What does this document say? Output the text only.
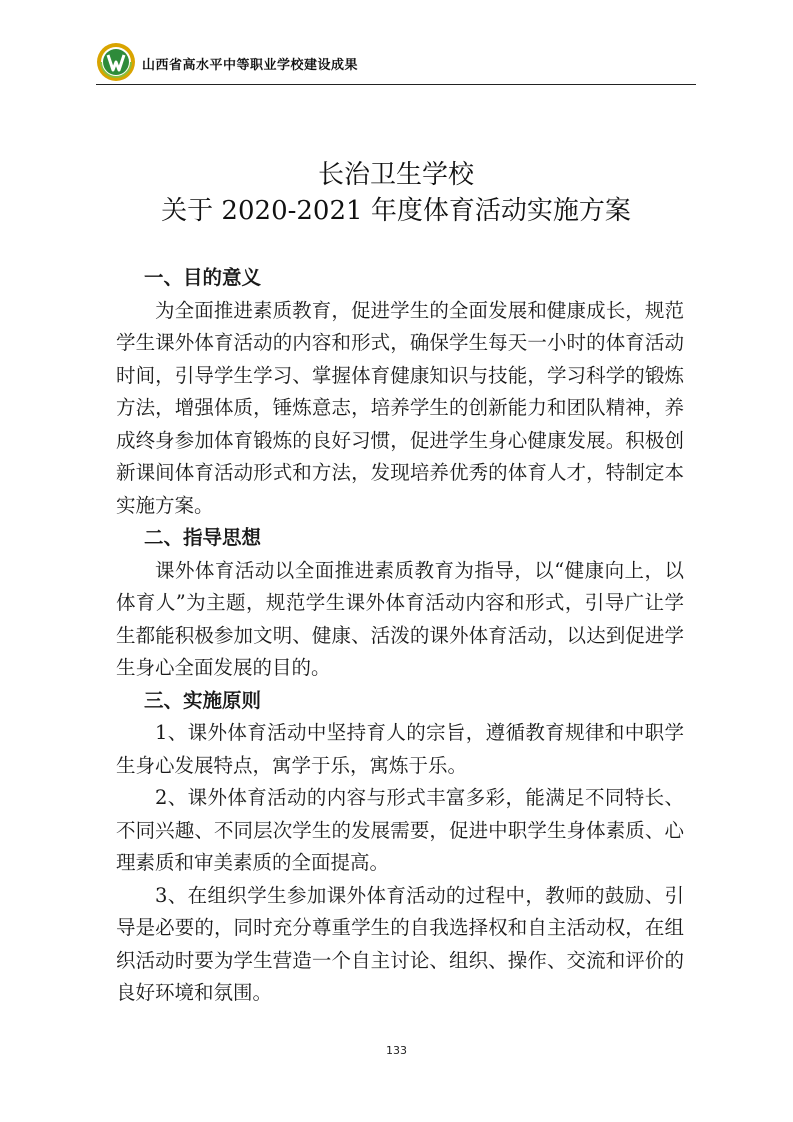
山西省高水平中等职业学校建设成果
长治卫生学校
关于 2020-2021 年度体育活动实施方案
一、目的意义

为全面推进素质教育，促进学生的全面发展和健康成长，规范学生课外体育活动的内容和形式，确保学生每天一小时的体育活动时间，引导学生学习、掌握体育健康知识与技能，学习科学的锻炼方法，增强体质，锤炼意志，培养学生的创新能力和团队精神，养成终身参加体育锻炼的良好习惯，促进学生身心健康发展。积极创新课间体育活动形式和方法，发现培养优秀的体育人才，特制定本实施方案。

二、指导思想

课外体育活动以全面推进素质教育为指导，以“健康向上，以体育人”为主题，规范学生课外体育活动内容和形式，引导广让学生都能积极参加文明、健康、活泼的课外体育活动，以达到促进学生身心全面发展的目的。

三、实施原则

1、课外体育活动中坚持育人的宗旨，遵循教育规律和中职学生身心发展特点，寓学于乐，寓炼于乐。

2、课外体育活动的内容与形式丰富多彩，能满足不同特长、不同兴趣、不同层次学生的发展需要，促进中职学生身体素质、心理素质和审美素质的全面提高。

3、在组织学生参加课外体育活动的过程中，教师的鼓励、引导是必要的，同时充分尊重学生的自我选择权和自主活动权，在组织活动时要为学生营造一个自主讨论、组织、操作、交流和评价的良好环境和氛围。

133
